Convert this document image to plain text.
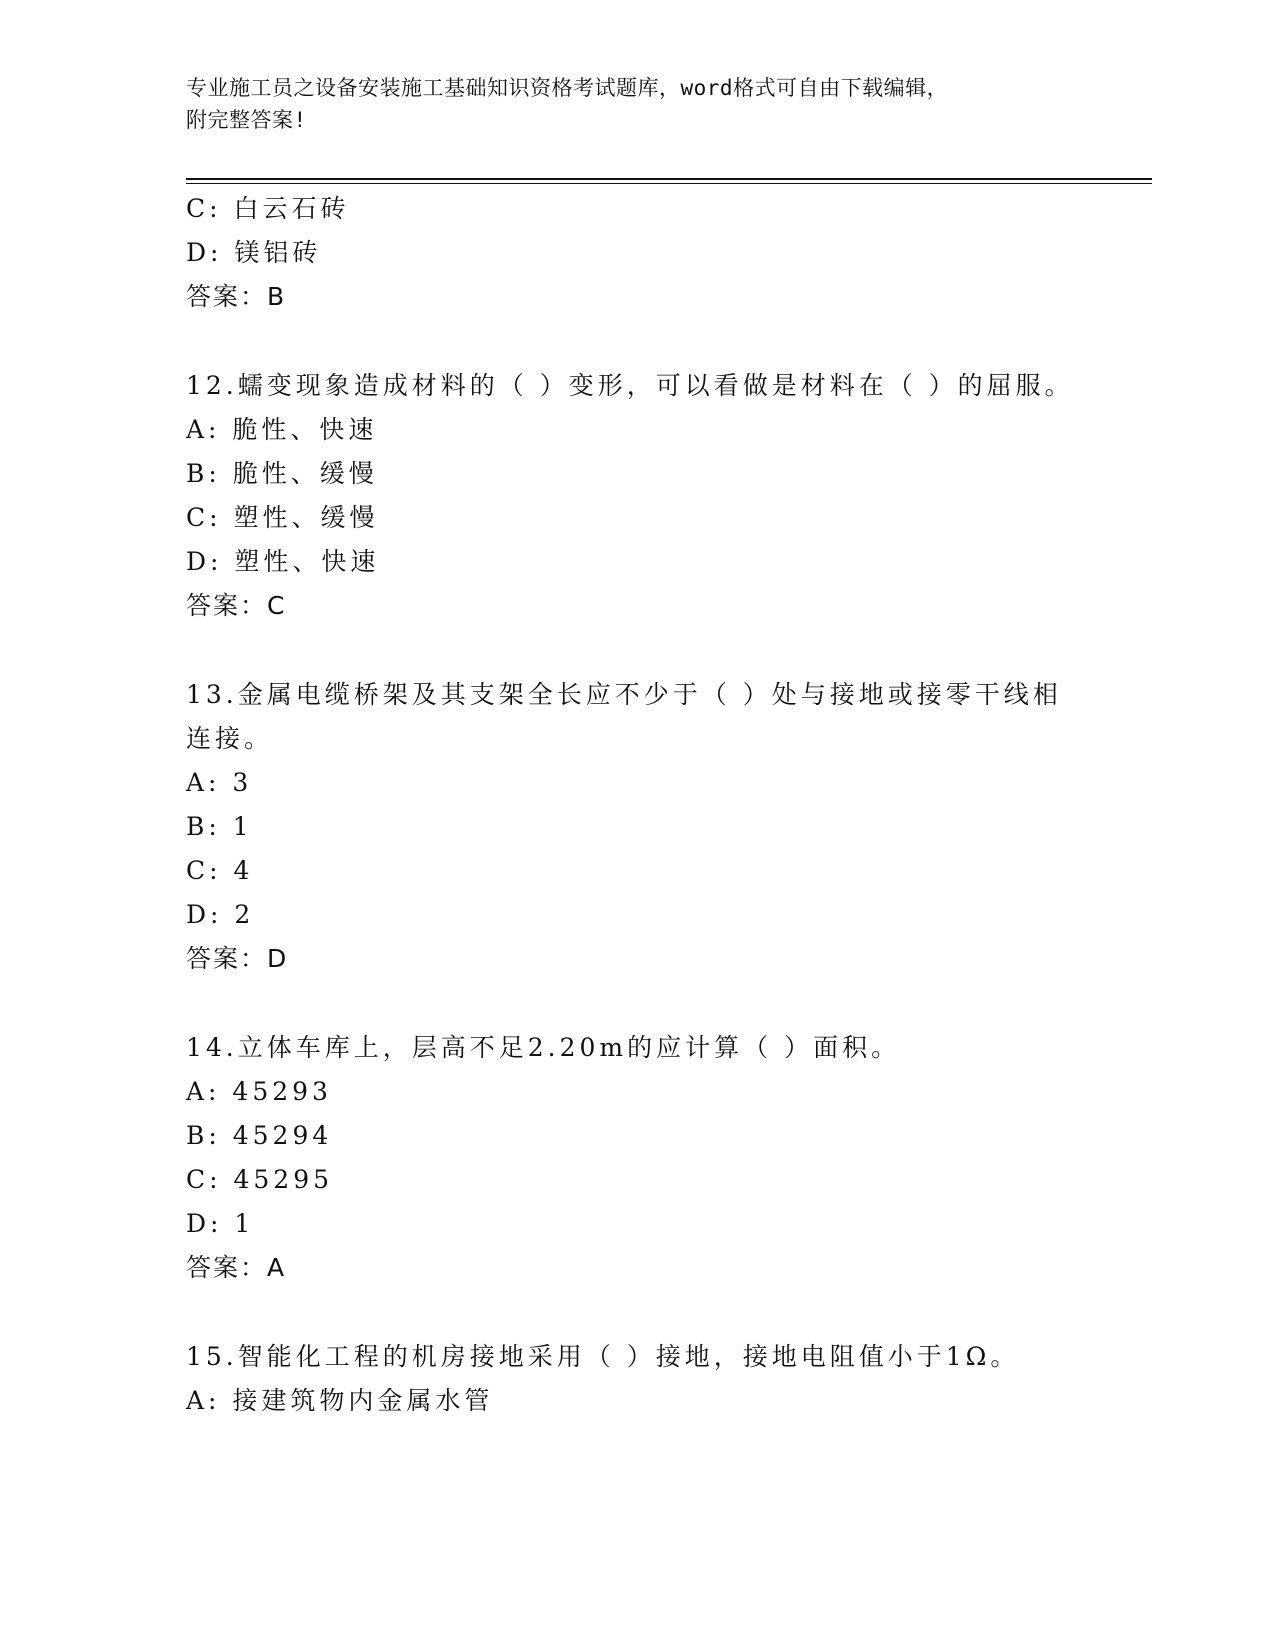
专业施工员之设备安装施工基础知识资格考试题库，word格式可自由下载编辑，
附完整答案!
C: 白云石砖
D: 镁铝砖
答案：B
12.蠕变现象造成材料的（ ）变形，可以看做是材料在（ ）的屈服。
A: 脆性、快速
B: 脆性、缓慢
C: 塑性、缓慢
D: 塑性、快速
答案：C
13.金属电缆桥架及其支架全长应不少于（ ）处与接地或接零干线相
连接。
A: 3
B: 1
C: 4
D: 2
答案：D
14.立体车库上，层高不足2.20m的应计算（ ）面积。
A: 45293
B: 45294
C: 45295
D: 1
答案：A
15.智能化工程的机房接地采用（ ）接地，接地电阻值小于1Ω。
A: 接建筑物内金属水管
